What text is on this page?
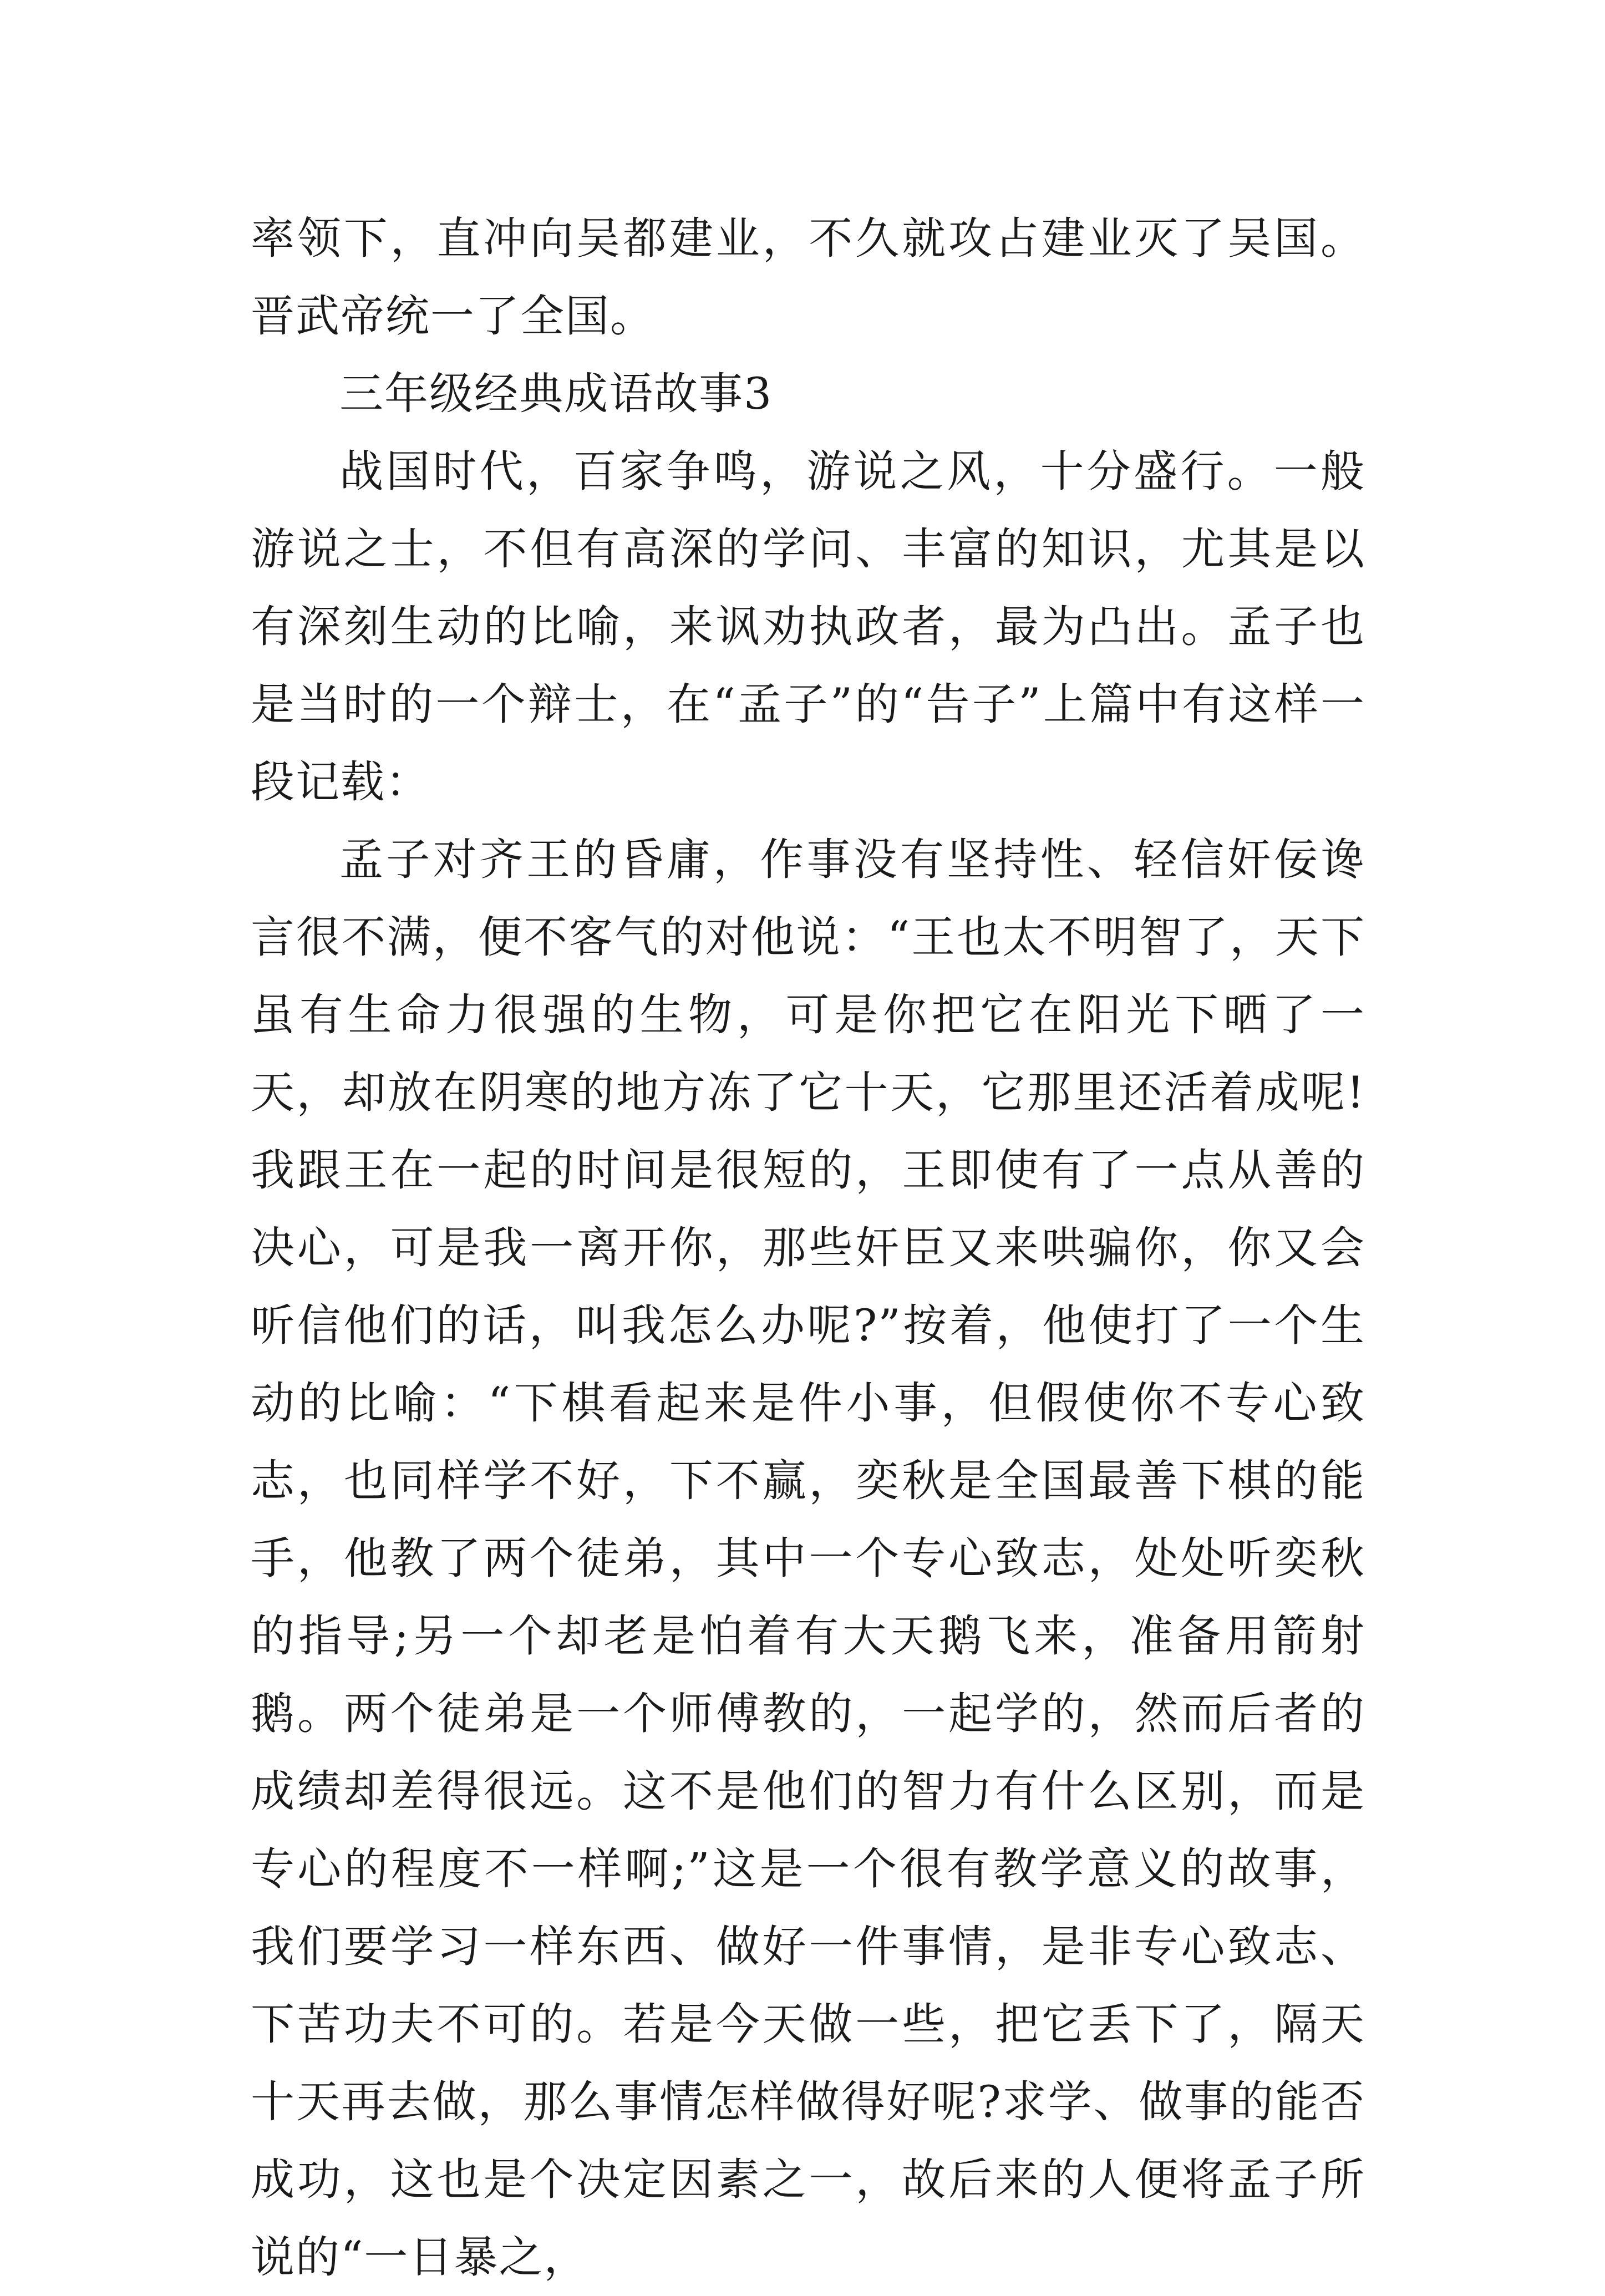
率领下，直冲向吴都建业，不久就攻占建业灭了吴国。晋武帝统一了全国。

三年级经典成语故事3

战国时代，百家争鸣，游说之风，十分盛行。一般游说之士，不但有高深的学问、丰富的知识，尤其是以有深刻生动的比喻，来讽劝执政者，最为凸出。孟子也是当时的一个辩士，在“孟子”的“告子”上篇中有这样一段记载：

孟子对齐王的昏庸，作事没有坚持性、轻信奸佞谗言很不满，便不客气的对他说：“王也太不明智了，天下虽有生命力很强的生物，可是你把它在阳光下晒了一天，却放在阴寒的地方冻了它十天，它那里还活着成呢!我跟王在一起的时间是很短的，王即使有了一点从善的决心，可是我一离开你，那些奸臣又来哄骗你，你又会听信他们的话，叫我怎么办呢?”按着，他使打了一个生动的比喻：“下棋看起来是件小事，但假使你不专心致志，也同样学不好，下不赢，奕秋是全国最善下棋的能手，他教了两个徒弟，其中一个专心致志，处处听奕秋的指导;另一个却老是怕着有大天鹅飞来，准备用箭射鹅。两个徒弟是一个师傅教的，一起学的，然而后者的成绩却差得很远。这不是他们的智力有什么区别，而是专心的程度不一样啊;”这是一个很有教学意义的故事，我们要学习一样东西、做好一件事情，是非专心致志、下苦功夫不可的。若是今天做一些，把它丢下了，隔天十天再去做，那么事情怎样做得好呢?求学、做事的能否成功，这也是个决定因素之一，故后来的人便将孟子所说的“一日暴之，
